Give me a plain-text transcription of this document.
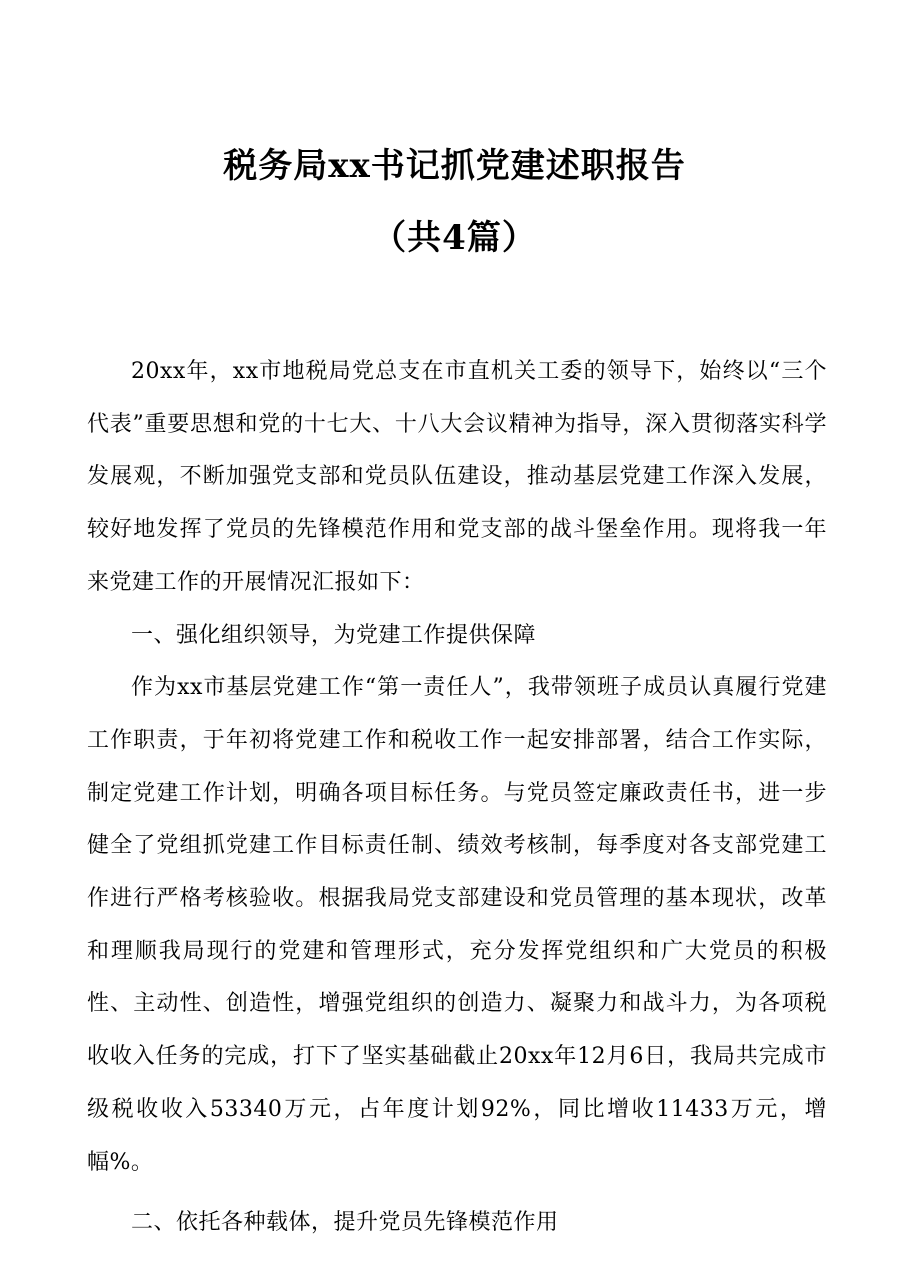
税务局xx书记抓党建述职报告
（共4篇）

20xx年，xx市地税局党总支在市直机关工委的领导下，始终以“三个代表”重要思想和党的十七大、十八大会议精神为指导，深入贯彻落实科学发展观，不断加强党支部和党员队伍建设，推动基层党建工作深入发展，较好地发挥了党员的先锋模范作用和党支部的战斗堡垒作用。现将我一年来党建工作的开展情况汇报如下：

一、强化组织领导，为党建工作提供保障

作为xx市基层党建工作“第一责任人”，我带领班子成员认真履行党建工作职责，于年初将党建工作和税收工作一起安排部署，结合工作实际，制定党建工作计划，明确各项目标任务。与党员签定廉政责任书，进一步健全了党组抓党建工作目标责任制、绩效考核制，每季度对各支部党建工作进行严格考核验收。根据我局党支部建设和党员管理的基本现状，改革和理顺我局现行的党建和管理形式，充分发挥党组织和广大党员的积极性、主动性、创造性，增强党组织的创造力、凝聚力和战斗力，为各项税收收入任务的完成，打下了坚实基础截止20xx年12月6日，我局共完成市级税收收入53340万元，占年度计划92%，同比增收11433万元，增幅%。

二、依托各种载体，提升党员先锋模范作用
